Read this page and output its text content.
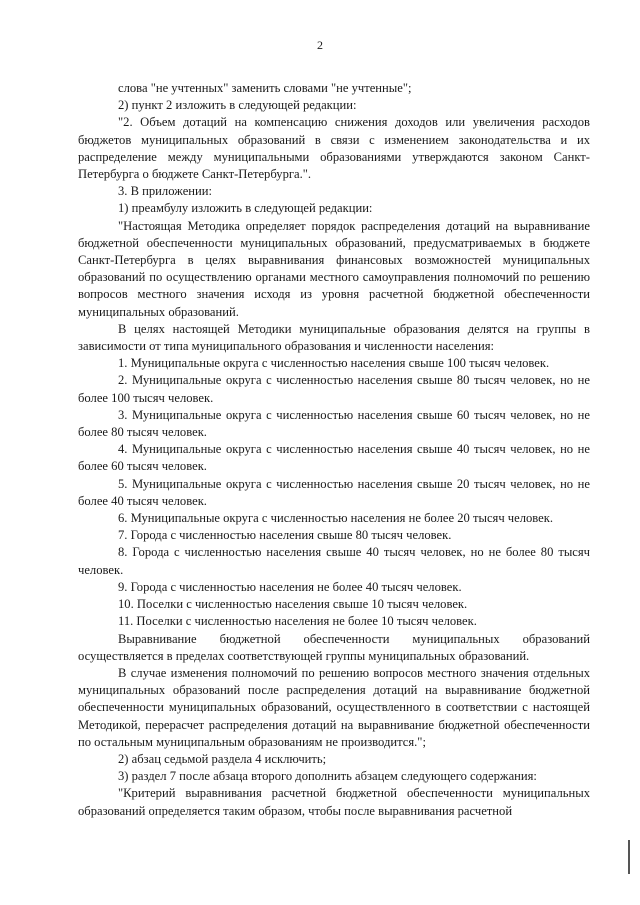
2

слова "не учтенных" заменить словами "не учтенные";

2) пункт 2 изложить в следующей редакции:

"2. Объем дотаций на компенсацию снижения доходов или увеличения расходов бюджетов муниципальных образований в связи с изменением законодательства и их распределение между муниципальными образованиями утверждаются законом Санкт-Петербурга о бюджете Санкт-Петербурга.".

3. В приложении:

1) преамбулу изложить в следующей редакции:

"Настоящая Методика определяет порядок распределения дотаций на выравнивание бюджетной обеспеченности муниципальных образований, предусматриваемых в бюджете Санкт-Петербурга в целях выравнивания финансовых возможностей муниципальных образований по осуществлению органами местного самоуправления полномочий по решению вопросов местного значения исходя из уровня расчетной бюджетной обеспеченности муниципальных образований.

В целях настоящей Методики муниципальные образования делятся на группы в зависимости от типа муниципального образования и численности населения:

1. Муниципальные округа с численностью населения свыше 100 тысяч человек.

2. Муниципальные округа с численностью населения свыше 80 тысяч человек, но не более 100 тысяч человек.

3. Муниципальные округа с численностью населения свыше 60 тысяч человек, но не более 80 тысяч человек.

4. Муниципальные округа с численностью населения свыше 40 тысяч человек, но не более 60 тысяч человек.

5. Муниципальные округа с численностью населения свыше 20 тысяч человек, но не более 40 тысяч человек.

6. Муниципальные округа с численностью населения не более 20 тысяч человек.

7. Города с численностью населения свыше 80 тысяч человек.

8. Города с численностью населения свыше 40 тысяч человек, но не более 80 тысяч человек.

9. Города с численностью населения не более 40 тысяч человек.

10. Поселки с численностью населения свыше 10 тысяч человек.

11. Поселки с численностью населения не более 10 тысяч человек.

Выравнивание бюджетной обеспеченности муниципальных образований осуществляется в пределах соответствующей группы муниципальных образований.

В случае изменения полномочий по решению вопросов местного значения отдельных муниципальных образований после распределения дотаций на выравнивание бюджетной обеспеченности муниципальных образований, осуществленного в соответствии с настоящей Методикой, перерасчет распределения дотаций на выравнивание бюджетной обеспеченности по остальным муниципальным образованиям не производится.";

2) абзац седьмой раздела 4 исключить;

3) раздел 7 после абзаца второго дополнить абзацем следующего содержания:

"Критерий выравнивания расчетной бюджетной обеспеченности муниципальных образований определяется таким образом, чтобы после выравнивания расчетной
